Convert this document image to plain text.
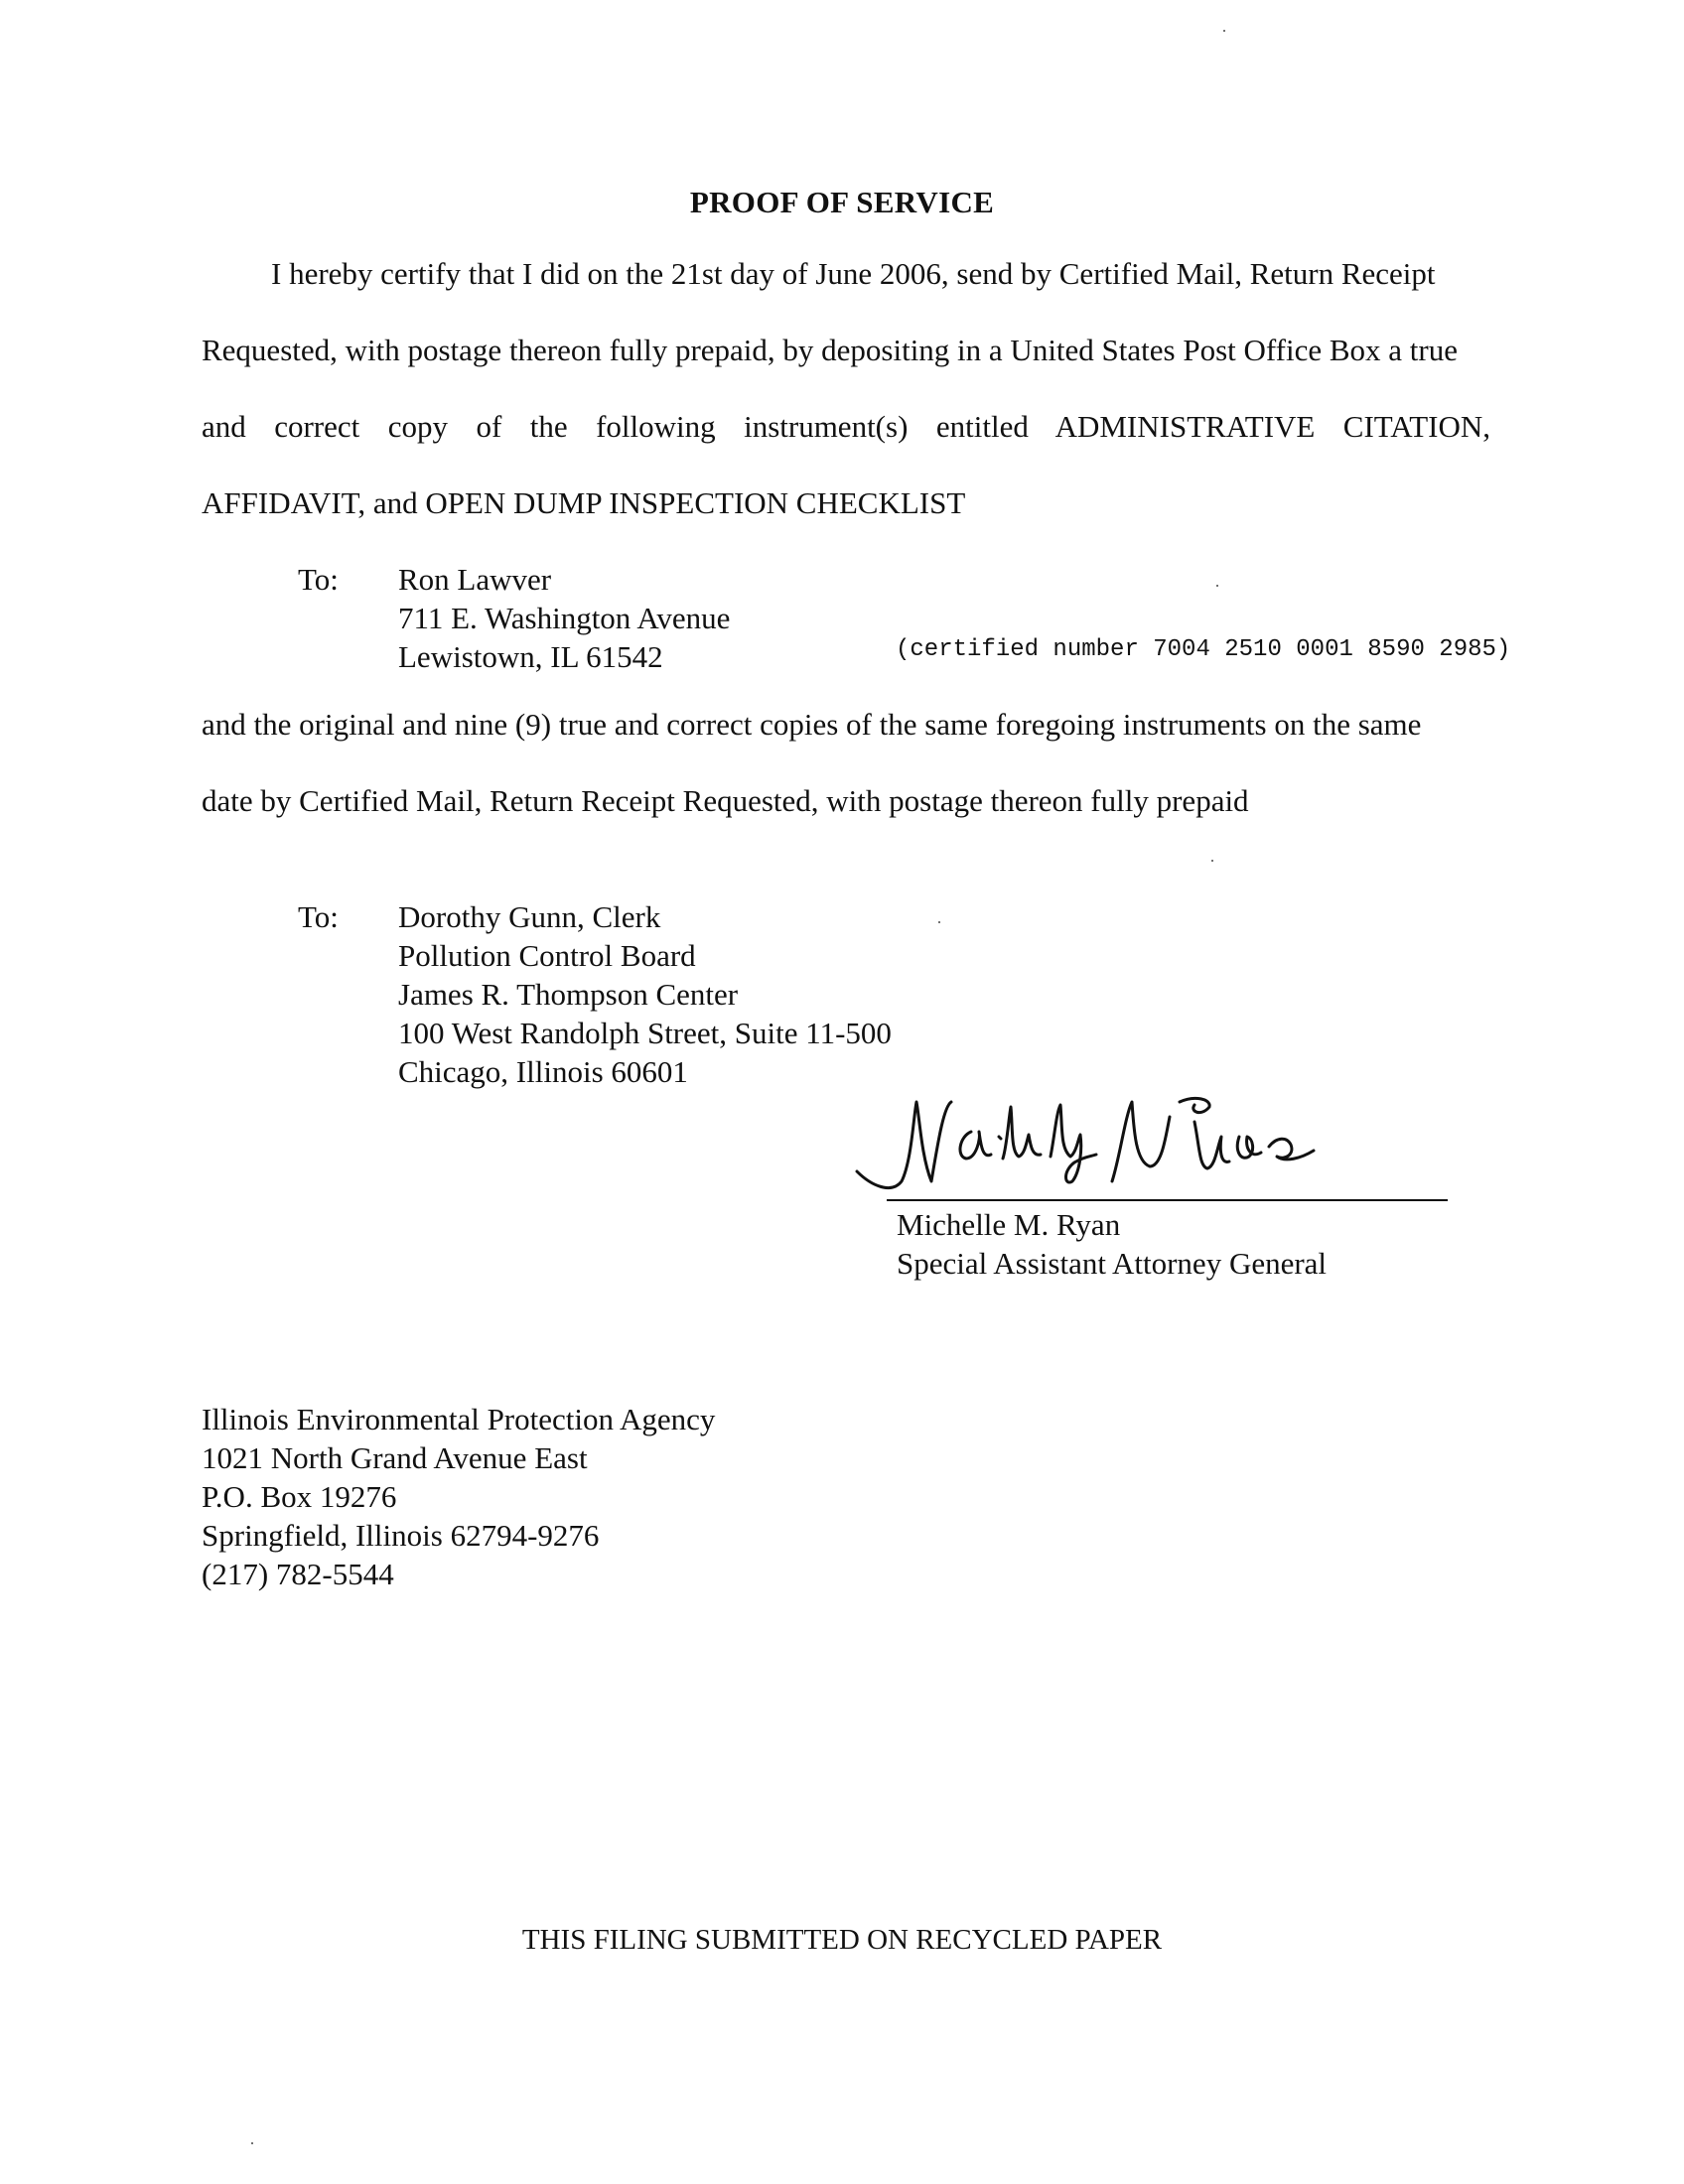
PROOF OF SERVICE
I hereby certify that I did on the 21st day of June 2006, send by Certified Mail, Return Receipt
Requested, with postage thereon fully prepaid, by depositing in a United States Post Office Box a true
and correct copy of the following instrument(s) entitled ADMINISTRATIVE CITATION,
AFFIDAVIT, and OPEN DUMP INSPECTION CHECKLIST
To: Ron Lawver
711 E. Washington Avenue
Lewistown, IL 61542	(certified number 7004 2510 0001 8590 2985)
and the original and nine (9) true and correct copies of the same foregoing instruments on the same
date by Certified Mail, Return Receipt Requested, with postage thereon fully prepaid
To: Dorothy Gunn, Clerk
Pollution Control Board
James R. Thompson Center
100 West Randolph Street, Suite 11-500
Chicago, Illinois 60601
Michelle M. Ryan
Special Assistant Attorney General
Illinois Environmental Protection Agency
1021 North Grand Avenue East
P.O. Box 19276
Springfield, Illinois 62794-9276
(217) 782-5544
THIS FILING SUBMITTED ON RECYCLED PAPER
